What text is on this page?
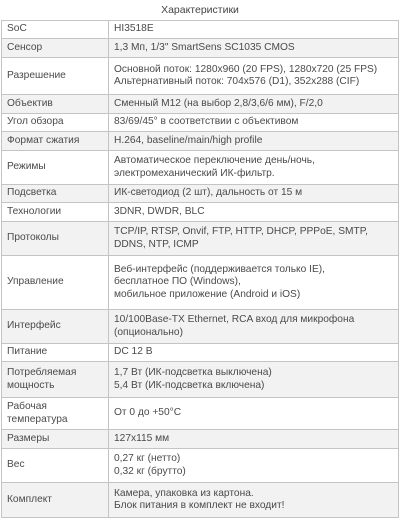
Характеристики
SoC	HI3518E

Сенсор	1,3 Мп, 1/3" SmartSens SC1035 CMOS

Разрешение	Основной поток: 1280x960 (20 FPS), 1280x720 (25 FPS)
Альтернативный поток: 704x576 (D1), 352x288 (CIF)

Объектив	Сменный М12 (на выбор 2,8/3,6/6 мм), F/2,0

Угол обзора	83/69/45° в соответствии с объективом

Формат сжатия	H.264, baseline/main/high profile

Режимы	Автоматическое переключение день/ночь,
электромеханический ИК-фильтр.

Подсветка	ИК-светодиод (2 шт), дальность от 15 м

Технологии	3DNR, DWDR, BLC

Протоколы	TCP/IP, RTSP, Onvif, FTP, HTTP, DHCP, PPPoE, SMTP,
DDNS, NTP, ICMP

Управление	Веб-интерфейс (поддерживается только IE),
бесплатное ПО (Windows),
мобильное приложение (Android и iOS)

Интерфейс	10/100Base-TX Ethernet, RCA вход для микрофона
(опционально)

Питание	DC 12 В

Потребляемая
мощность	1,7 Вт (ИК-подсветка выключена)
5,4 Вт (ИК-подсветка включена)

Рабочая
температура	От 0 до +50°С

Размеры	127x115 мм

Вес	0,27 кг (нетто)
0,32 кг (брутто)

Комплект	Камера, упаковка из картона.
Блок питания в комплект не входит!
